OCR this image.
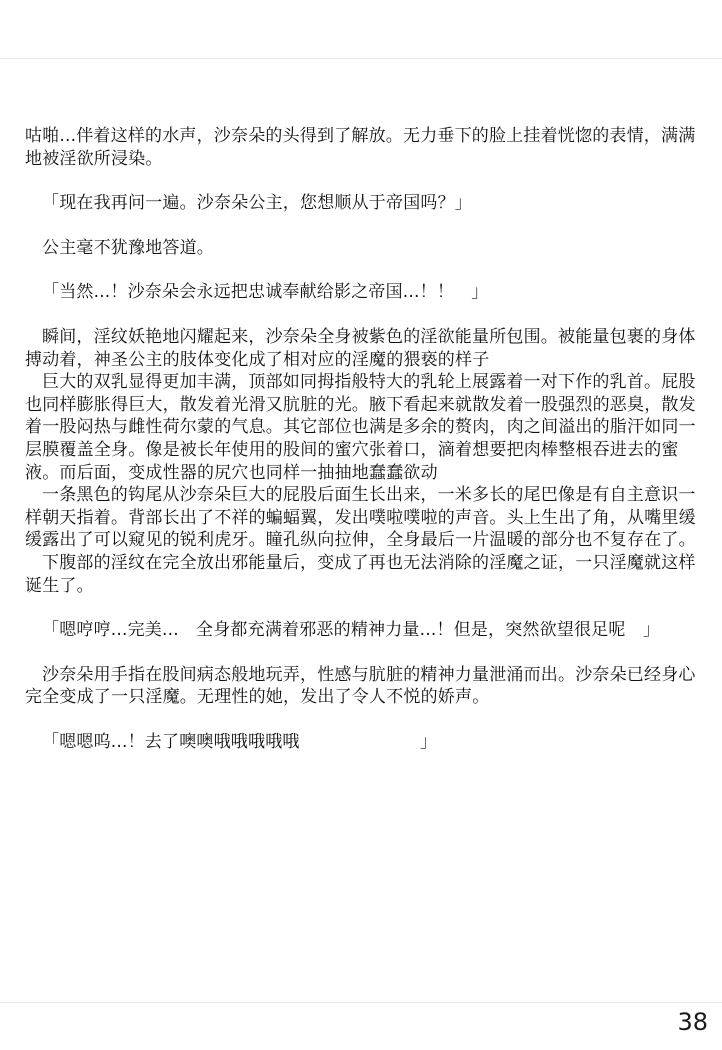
咕啪...伴着这样的水声，沙奈朵的头得到了解放。无力垂下的脸上挂着恍惚的表情，满满地被淫欲所浸染。

「现在我再问一遍。沙奈朵公主，您想顺从于帝国吗？」

公主毫不犹豫地答道。

「当然...！沙奈朵会永远把忠诚奉献给影之帝国...！！　」

瞬间，淫纹妖艳地闪耀起来，沙奈朵全身被紫色的淫欲能量所包围。被能量包裹的身体搏动着，神圣公主的肢体变化成了相对应的淫魔的猥亵的样子

巨大的双乳显得更加丰满，顶部如同拇指般特大的乳轮上展露着一对下作的乳首。屁股也同样膨胀得巨大，散发着光滑又肮脏的光。腋下看起来就散发着一股强烈的恶臭，散发着一股闷热与雌性荷尔蒙的气息。其它部位也满是多余的赘肉，肉之间溢出的脂汗如同一层膜覆盖全身。像是被长年使用的股间的蜜穴张着口，滴着想要把肉棒整根吞进去的蜜液。而后面，变成性器的尻穴也同样一抽抽地蠢蠢欲动

一条黑色的钩尾从沙奈朵巨大的屁股后面生长出来，一米多长的尾巴像是有自主意识一样朝天指着。背部长出了不祥的蝙蝠翼，发出噗啦噗啦的声音。头上生出了角，从嘴里缓缓露出了可以窥见的锐利虎牙。瞳孔纵向拉伸，全身最后一片温暖的部分也不复存在了。

下腹部的淫纹在完全放出邪能量后，变成了再也无法消除的淫魔之证，一只淫魔就这样诞生了。

「嗯哼哼...完美...　全身都充满着邪恶的精神力量...！但是，突然欲望很足呢　」

沙奈朵用手指在股间病态般地玩弄，性感与肮脏的精神力量泄涌而出。沙奈朵已经身心完全变成了一只淫魔。无理性的她，发出了令人不悦的娇声。

「嗯嗯呜...！去了噢噢哦哦哦哦哦　　　　　　　」

38
